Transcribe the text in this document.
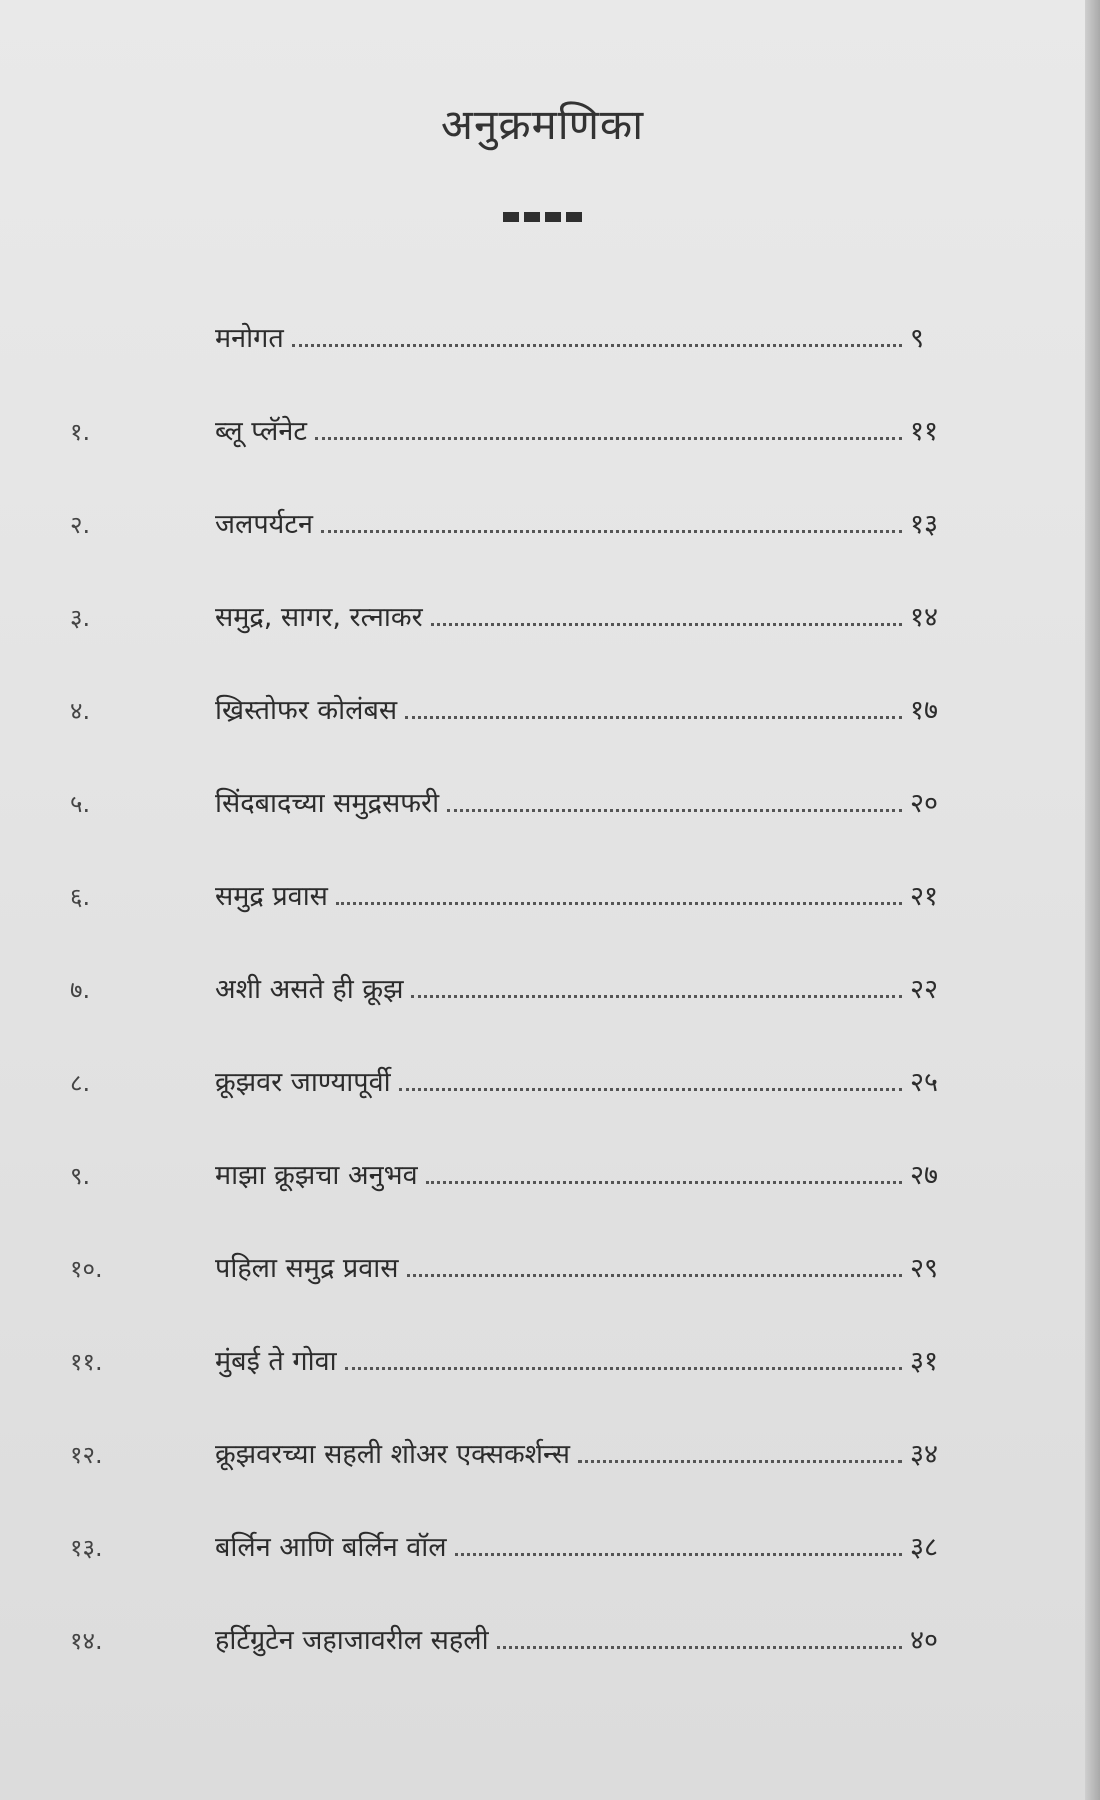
अनुक्रमणिका
मनोगत	९
१.	ब्लू प्लॅनेट	११
२.	जलपर्यटन	१३
३.	समुद्र, सागर, रत्नाकर	१४
४.	ख्रिस्तोफर कोलंबस	१७
५.	सिंदबादच्या समुद्रसफरी	२०
६.	समुद्र प्रवास	२१
७.	अशी असते ही क्रूझ	२२
८.	क्रूझवर जाण्यापूर्वी	२५
९.	माझा क्रूझचा अनुभव	२७
१०.	पहिला समुद्र प्रवास	२९
११.	मुंबई ते गोवा	३१
१२.	क्रूझवरच्या सहली शोअर एक्सकर्शन्स	३४
१३.	बर्लिन आणि बर्लिन वॉल	३८
१४.	हर्टिग्रुटेन जहाजावरील सहली	४०
